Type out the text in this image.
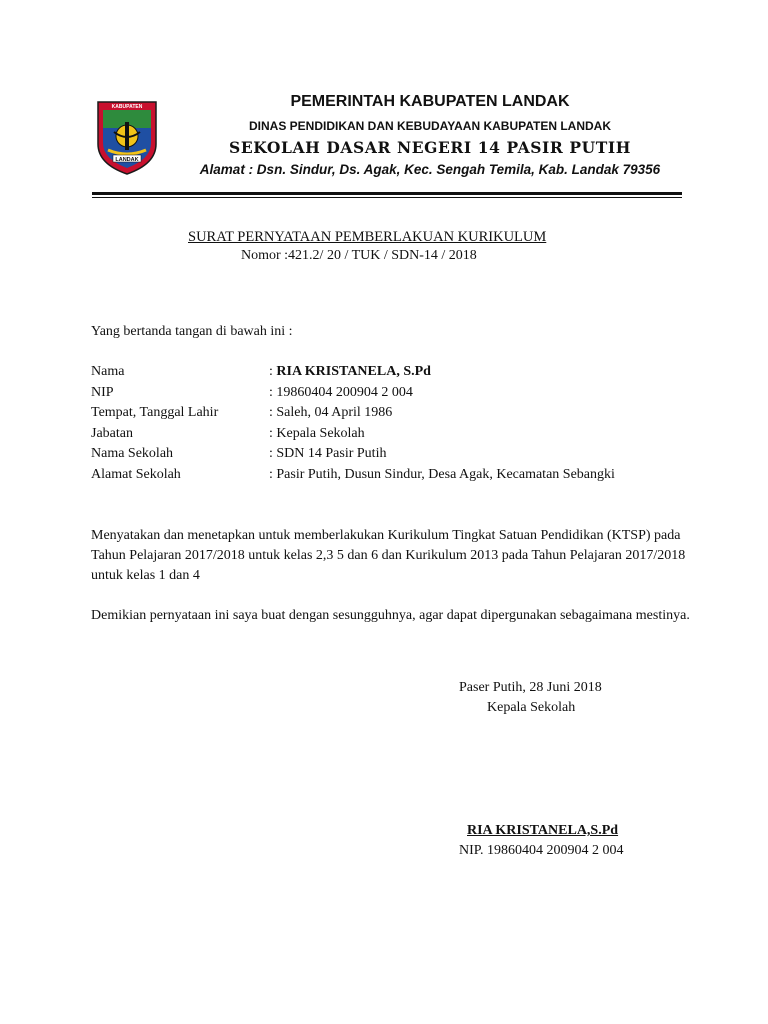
KABUPATEN
LANDAK
PEMERINTAH KABUPATEN LANDAK
DINAS PENDIDIKAN DAN KEBUDAYAAN KABUPATEN LANDAK
SEKOLAH DASAR NEGERI 14 PASIR PUTIH
Alamat : Dsn. Sindur, Ds. Agak, Kec. Sengah Temila, Kab. Landak 79356
SURAT PERNYATAAN PEMBERLAKUAN KURIKULUM
Nomor :421.2/ 20 / TUK / SDN-14 / 2018
Yang bertanda tangan di bawah ini :
Nama	: RIA KRISTANELA, S.Pd
NIP	: 19860404 200904 2 004
Tempat, Tanggal Lahir	: Saleh, 04 April 1986
Jabatan	: Kepala Sekolah
Nama Sekolah	: SDN 14 Pasir Putih
Alamat Sekolah	: Pasir Putih, Dusun Sindur, Desa Agak, Kecamatan Sebangki
Menyatakan dan menetapkan untuk memberlakukan Kurikulum Tingkat Satuan Pendidikan (KTSP) pada Tahun Pelajaran 2017/2018 untuk kelas 2,3 5 dan 6 dan Kurikulum 2013 pada Tahun Pelajaran 2017/2018 untuk kelas 1 dan 4
Demikian pernyataan ini saya buat dengan sesungguhnya, agar dapat dipergunakan sebagaimana mestinya.
Paser Putih, 28 Juni 2018
Kepala Sekolah
RIA KRISTANELA,S.Pd
NIP. 19860404 200904 2 004
